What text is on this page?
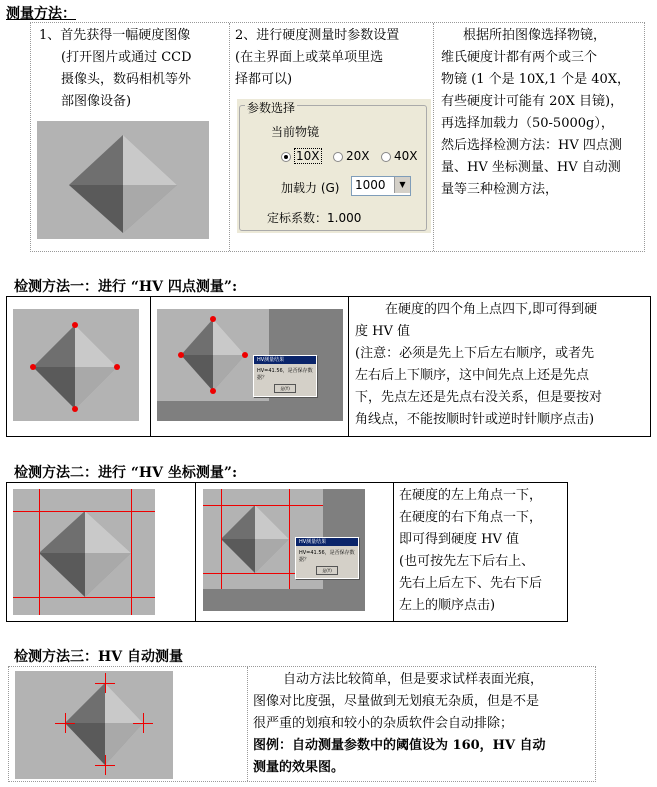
测量方法：
1、首先获得一幅硬度图像
(打开图片或通过 CCD
摄像头，数码相机等外
部图像设备)
2、进行硬度测量时参数设置
(在主界面上或菜单项里选
择都可以)
参数选择
当前物镜
10X	20X	40X
加载力 (G) 1000	▼
定标系数：1.000
根据所拍图像选择物镜，
维氏硬度计都有两个或三个
物镜 (1 个是 10X,1 个是 40X，
有些硬度计可能有 20X 目镜)，
再选择加载力（50-5000g），
然后选择检测方法：HV 四点测
量、HV 坐标测量、HV 自动测
量等三种检测方法，
检测方法一：进行 “HV 四点测量”:
HV测量结果
HV=41.56，是否保存数据？
是(Y)
在硬度的四个角上点四下,即可得到硬
度 HV 值
(注意：必须是先上下后左右顺序，或者先
左右后上下顺序，这中间先点上还是先点
下，先点左还是先点右没关系，但是要按对
角线点，不能按顺时针或逆时针顺序点击)
检测方法二：进行 “HV 坐标测量”:
HV测量结果
HV=41.56，是否保存数据？
是(Y)
在硬度的左上角点一下，
在硬度的右下角点一下，
即可得到硬度 HV 值
(也可按先左下后右上、
先右上后左下、先右下后
左上的顺序点击)
检测方法三：HV 自动测量
自动方法比较简单，但是要求试样表面光痕，
图像对比度强，尽量做到无划痕无杂质，但是不是
很严重的划痕和较小的杂质软件会自动排除；
图例：自动测量参数中的阈值设为 160，HV 自动
测量的效果图。
